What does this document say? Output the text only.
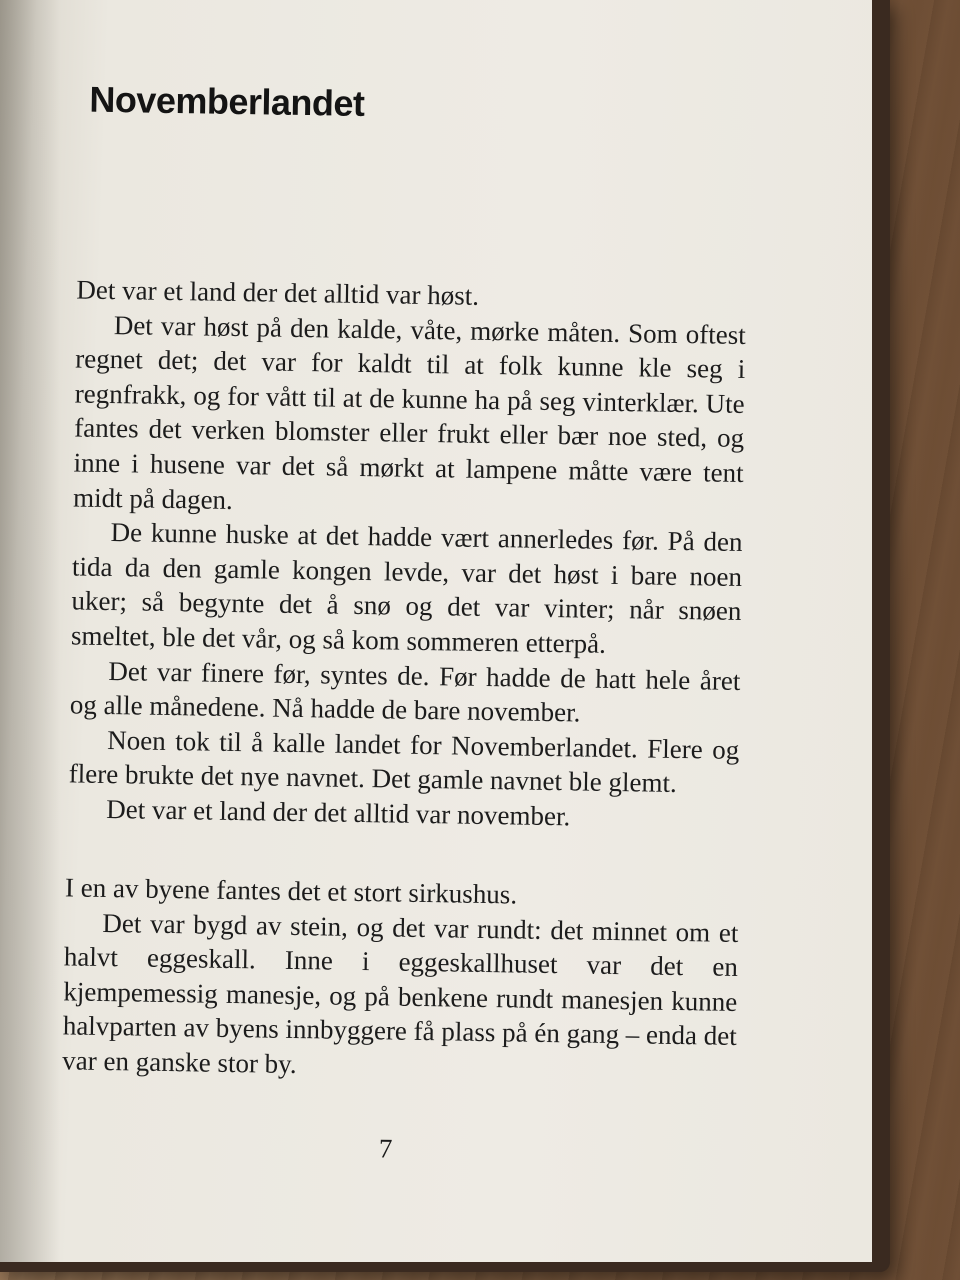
Novemberlandet

Det var et land der det alltid var høst.

Det var høst på den kalde, våte, mørke måten. Som oftest regnet det; det var for kaldt til at folk kunne kle seg i regnfrakk, og for vått til at de kunne ha på seg vinterklær. Ute fantes det verken blomster eller frukt eller bær noe sted, og inne i husene var det så mørkt at lampene måtte være tent midt på dagen.

De kunne huske at det hadde vært annerledes før. På den tida da den gamle kongen levde, var det høst i bare noen uker; så begynte det å snø og det var vinter; når snøen smeltet, ble det vår, og så kom sommeren etterpå.

Det var finere før, syntes de. Før hadde de hatt hele året og alle månedene. Nå hadde de bare november.

Noen tok til å kalle landet for Novemberlandet. Flere og flere brukte det nye navnet. Det gamle navnet ble glemt.

Det var et land der det alltid var november.

I en av byene fantes det et stort sirkushus.

Det var bygd av stein, og det var rundt: det minnet om et halvt eggeskall. Inne i eggeskallhuset var det en kjempemessig manesje, og på benkene rundt manesjen kunne halvparten av byens innbyggere få plass på én gang – enda det var en ganske stor by.

7
